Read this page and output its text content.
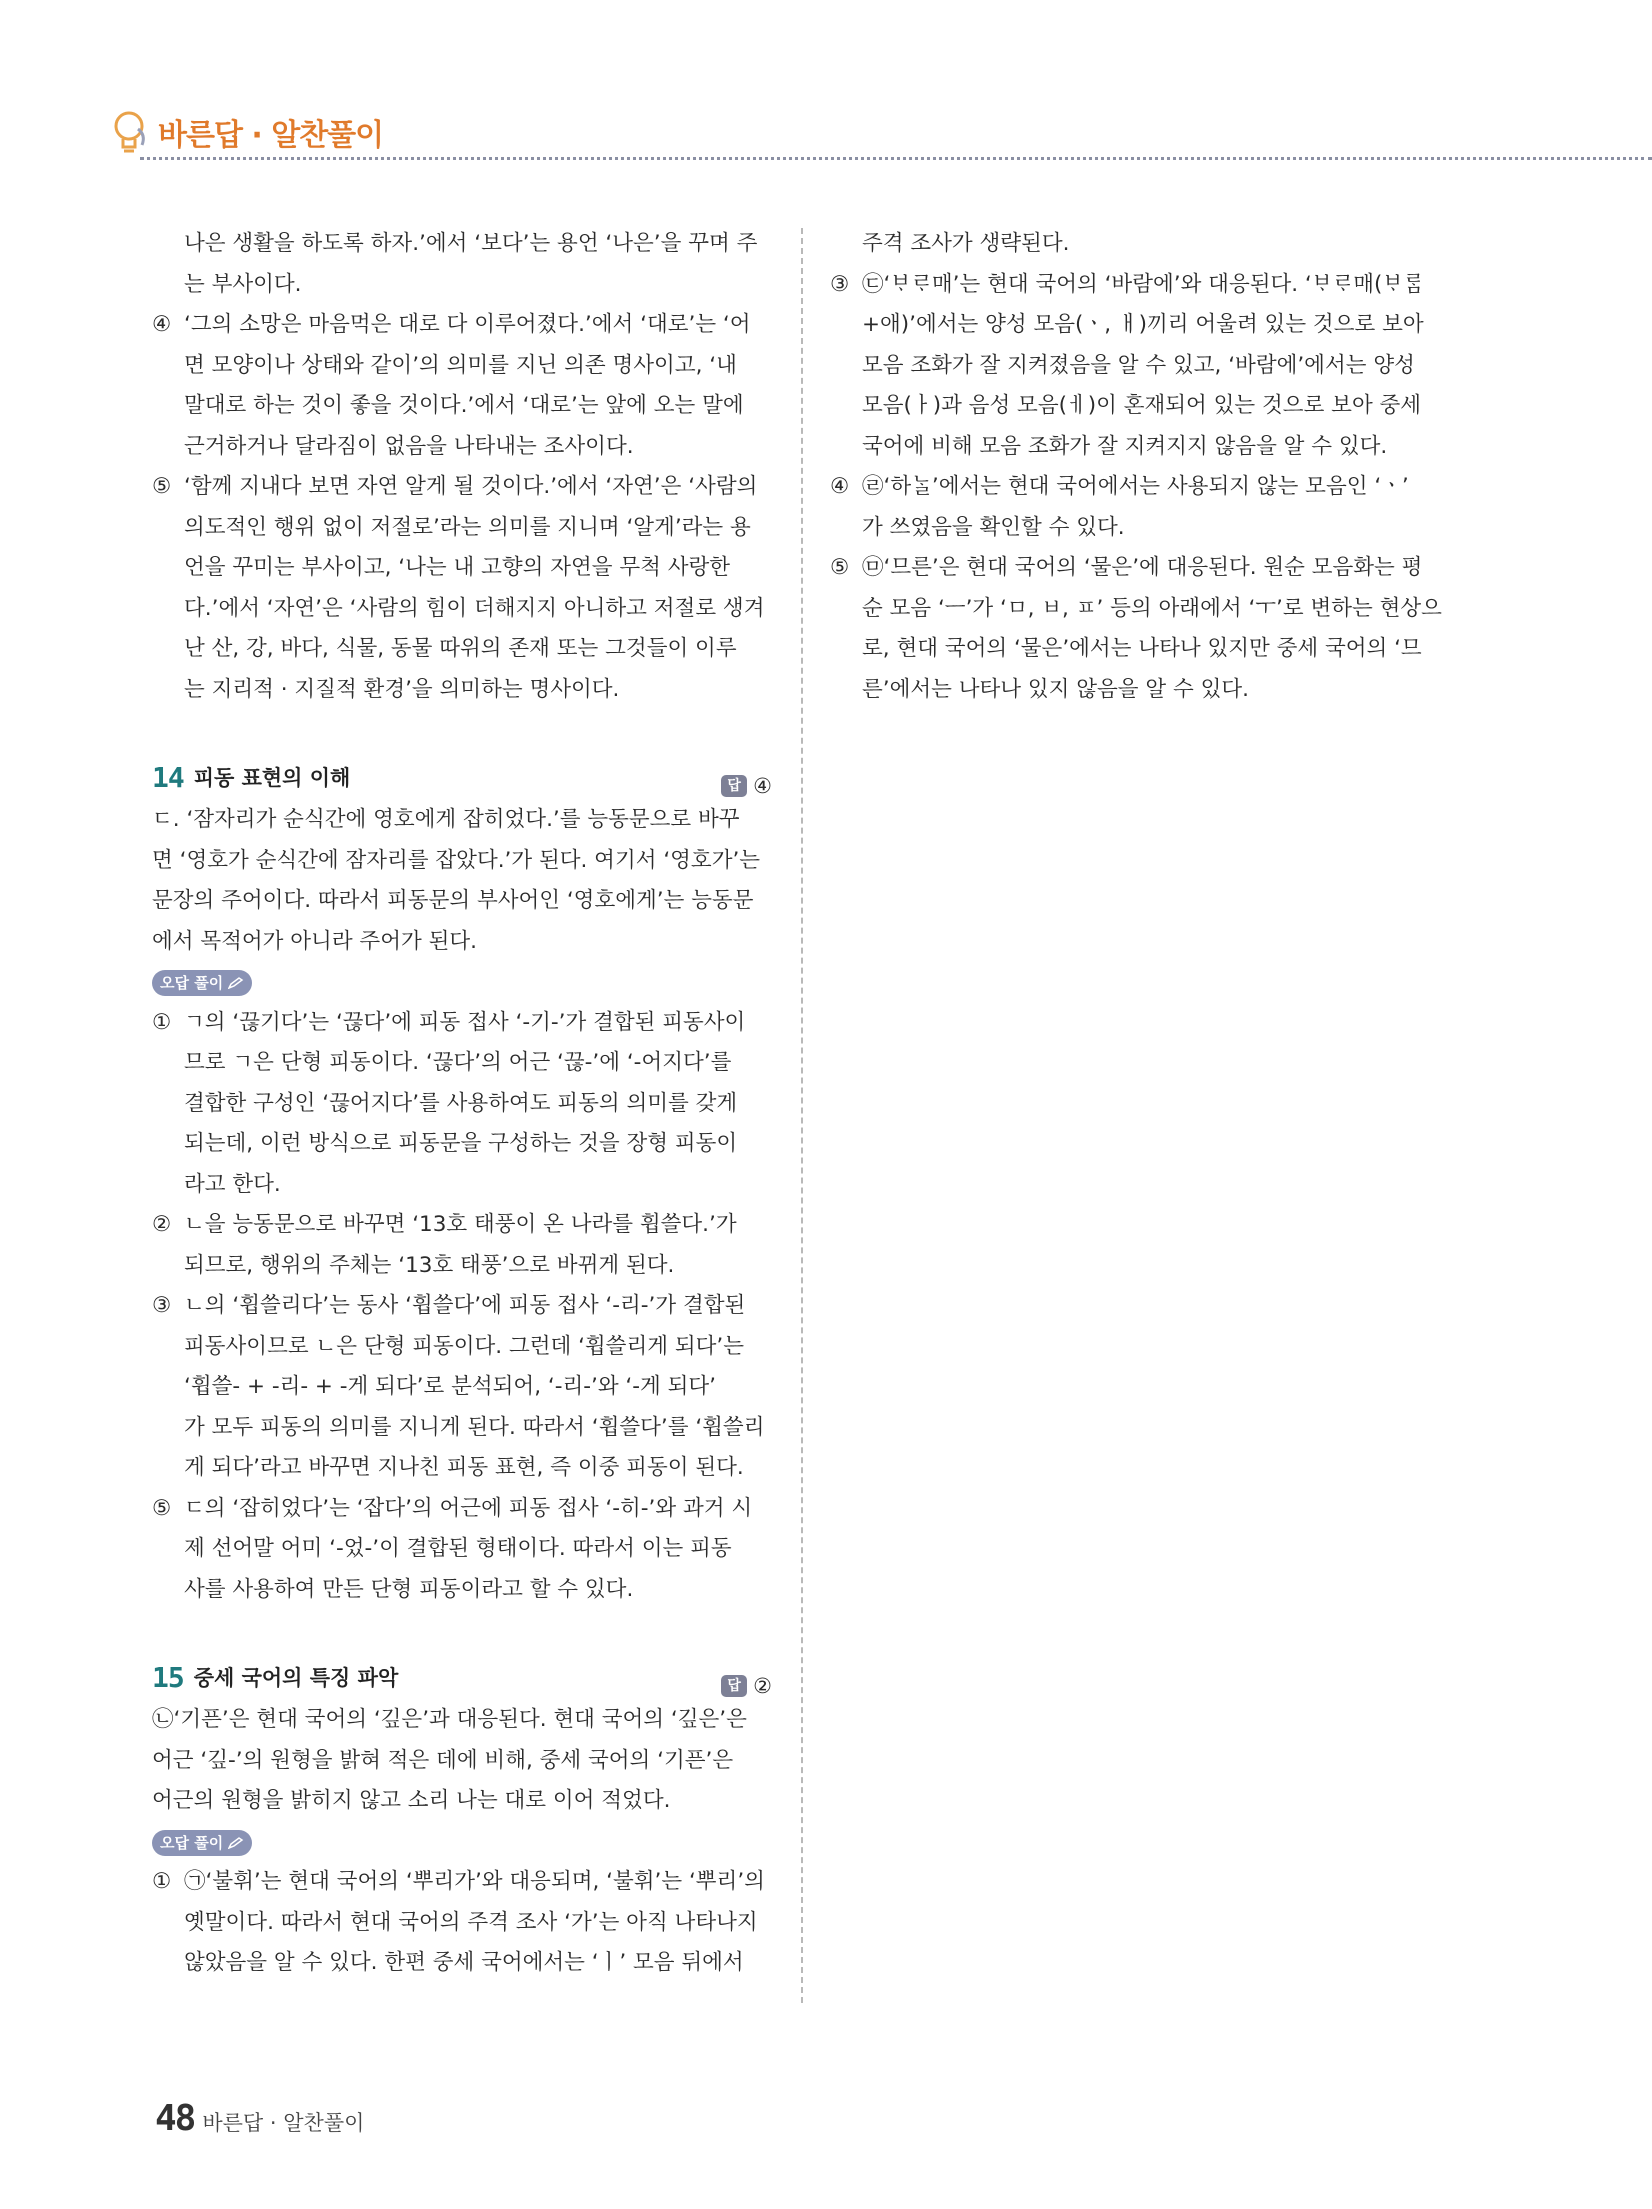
바른답 · 알찬풀이

나은 생활을 하도록 하자.’에서 ‘보다’는 용언 ‘나은’을 꾸며 주

는 부사이다.

④ ‘그의 소망은 마음먹은 대로 다 이루어졌다.’에서 ‘대로’는 ‘어
면 모양이나 상태와 같이’의 의미를 지닌 의존 명사이고, ‘내
말대로 하는 것이 좋을 것이다.’에서 ‘대로’는 앞에 오는 말에
근거하거나 달라짐이 없음을 나타내는 조사이다.
⑤ ‘함께 지내다 보면 자연 알게 될 것이다.’에서 ‘자연’은 ‘사람의
의도적인 행위 없이 저절로’라는 의미를 지니며 ‘알게’라는 용
언을 꾸미는 부사이고, ‘나는 내 고향의 자연을 무척 사랑한
다.’에서 ‘자연’은 ‘사람의 힘이 더해지지 아니하고 저절로 생겨
난 산, 강, 바다, 식물, 동물 따위의 존재 또는 그것들이 이루
는 지리적 · 지질적 환경’을 의미하는 명사이다.
14 피동 표현의 이해	답 ④

ㄷ. ‘잠자리가 순식간에 영호에게 잡히었다.’를 능동문으로 바꾸

면 ‘영호가 순식간에 잠자리를 잡았다.’가 된다. 여기서 ‘영호가’는

문장의 주어이다. 따라서 피동문의 부사어인 ‘영호에게’는 능동문

에서 목적어가 아니라 주어가 된다.

오답 풀이
① ㄱ의 ‘끊기다’는 ‘끊다’에 피동 접사 ‘-기-’가 결합된 피동사이
므로 ㄱ은 단형 피동이다. ‘끊다’의 어근 ‘끊-’에 ‘-어지다’를
결합한 구성인 ‘끊어지다’를 사용하여도 피동의 의미를 갖게
되는데, 이런 방식으로 피동문을 구성하는 것을 장형 피동이
라고 한다.
② ㄴ을 능동문으로 바꾸면 ‘13호 태풍이 온 나라를 휩쓸다.’가
되므로, 행위의 주체는 ‘13호 태풍’으로 바뀌게 된다.
③ ㄴ의 ‘휩쓸리다’는 동사 ‘휩쓸다’에 피동 접사 ‘-리-’가 결합된
피동사이므로 ㄴ은 단형 피동이다. 그런데 ‘휩쓸리게 되다’는
‘휩쓸- + -리- + -게 되다’로 분석되어, ‘-리-’와 ‘-게 되다’
가 모두 피동의 의미를 지니게 된다. 따라서 ‘휩쓸다’를 ‘휩쓸리
게 되다’라고 바꾸면 지나친 피동 표현, 즉 이중 피동이 된다.
⑤ ㄷ의 ‘잡히었다’는 ‘잡다’의 어근에 피동 접사 ‘-히-’와 과거 시
제 선어말 어미 ‘-었-’이 결합된 형태이다. 따라서 이는 피동
사를 사용하여 만든 단형 피동이라고 할 수 있다.
15 중세 국어의 특징 파악	답 ②

㉡‘기픈’은 현대 국어의 ‘깊은’과 대응된다. 현대 국어의 ‘깊은’은

어근 ‘깊-’의 원형을 밝혀 적은 데에 비해, 중세 국어의 ‘기픈’은

어근의 원형을 밝히지 않고 소리 나는 대로 이어 적었다.

오답 풀이
① ㉠‘불휘’는 현대 국어의 ‘뿌리가’와 대응되며, ‘불휘’는 ‘뿌리’의
옛말이다. 따라서 현대 국어의 주격 조사 ‘가’는 아직 나타나지
않았음을 알 수 있다. 한편 중세 국어에서는 ‘ㅣ’ 모음 뒤에서

주격 조사가 생략된다.

③ ㉢‘ᄇᆞᄅᆞ매’는 현대 국어의 ‘바람에’와 대응된다. ‘ᄇᆞᄅᆞ매(ᄇᆞᄅᆞᆷ
+애)’에서는 양성 모음(ㆍ, ㅐ)끼리 어울려 있는 것으로 보아
모음 조화가 잘 지켜졌음을 알 수 있고, ‘바람에’에서는 양성
모음(ㅏ)과 음성 모음(ㅔ)이 혼재되어 있는 것으로 보아 중세
국어에 비해 모음 조화가 잘 지켜지지 않음을 알 수 있다.
④ ㉣‘하ᄂᆞᆯ’에서는 현대 국어에서는 사용되지 않는 모음인 ‘ㆍ’
가 쓰였음을 확인할 수 있다.
⑤ ㉤‘므른’은 현대 국어의 ‘물은’에 대응된다. 원순 모음화는 평
순 모음 ‘ㅡ’가 ‘ㅁ, ㅂ, ㅍ’ 등의 아래에서 ‘ㅜ’로 변하는 현상으
로, 현대 국어의 ‘물은’에서는 나타나 있지만 중세 국어의 ‘므
른’에서는 나타나 있지 않음을 알 수 있다.
48 바른답 · 알찬풀이
